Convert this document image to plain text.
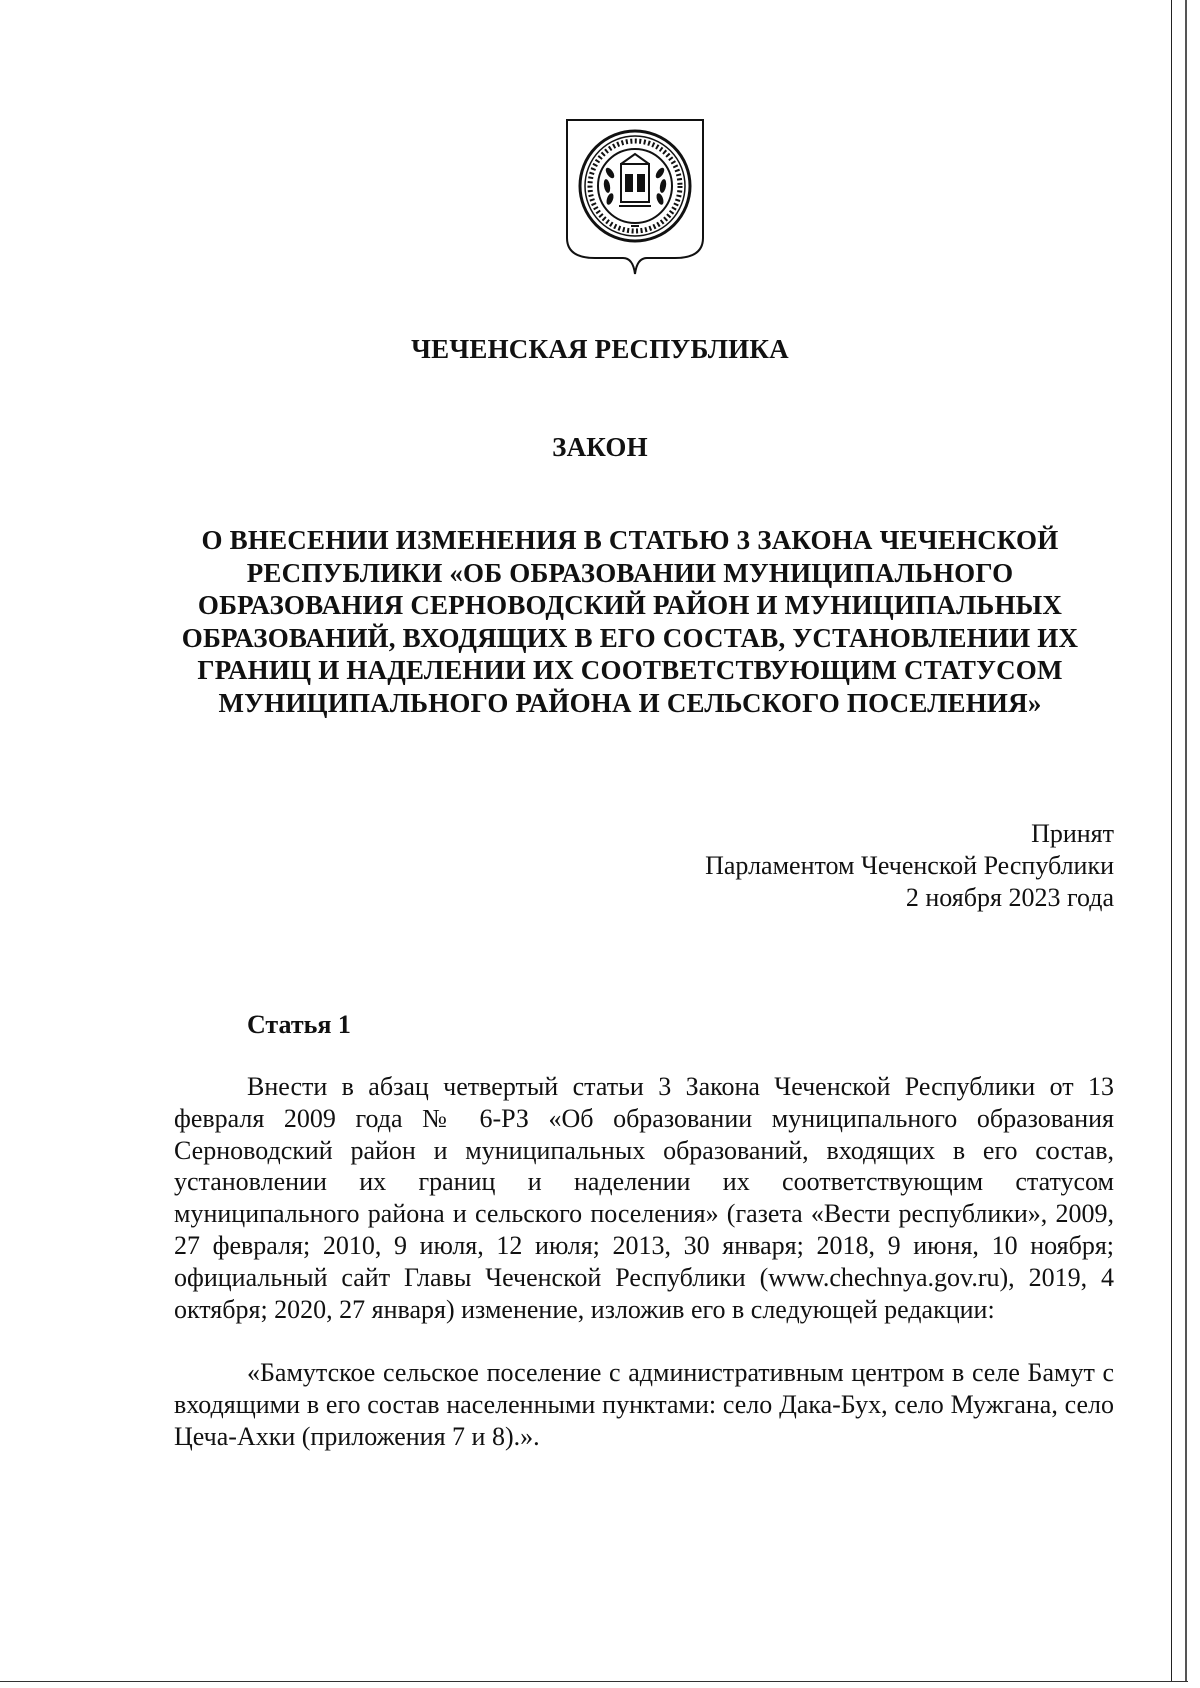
ЧЕЧЕНСКАЯ РЕСПУБЛИКА
ЗАКОН
О ВНЕСЕНИИ ИЗМЕНЕНИЯ В СТАТЬЮ 3 ЗАКОНА ЧЕЧЕНСКОЙ РЕСПУБЛИКИ «ОБ ОБРАЗОВАНИИ МУНИЦИПАЛЬНОГО ОБРАЗОВАНИЯ СЕРНОВОДСКИЙ РАЙОН И МУНИЦИПАЛЬНЫХ ОБРАЗОВАНИЙ, ВХОДЯЩИХ В ЕГО СОСТАВ, УСТАНОВЛЕНИИ ИХ ГРАНИЦ И НАДЕЛЕНИИ ИХ СООТВЕТСТВУЮЩИМ СТАТУСОМ МУНИЦИПАЛЬНОГО РАЙОНА И СЕЛЬСКОГО ПОСЕЛЕНИЯ»
Принят
Парламентом Чеченской Республики
2 ноября 2023 года
Статья 1
Внести в абзац четвертый статьи 3 Закона Чеченской Республики от 13 февраля 2009 года № 6-РЗ «Об образовании муниципального образования Серноводский район и муниципальных образований, входящих в его состав, установлении их границ и наделении их соответствующим статусом муниципального района и сельского поселения» (газета «Вести республики», 2009, 27 февраля; 2010, 9 июля, 12 июля; 2013, 30 января; 2018, 9 июня, 10 ноября; официальный сайт Главы Чеченской Республики (www.chechnya.gov.ru), 2019, 4 октября; 2020, 27 января) изменение, изложив его в следующей редакции:
«Бамутское сельское поселение с административным центром в селе Бамут с входящими в его состав населенными пунктами: село Дака-Бух, село Мужгана, село Цеча-Ахки (приложения 7 и 8).».
